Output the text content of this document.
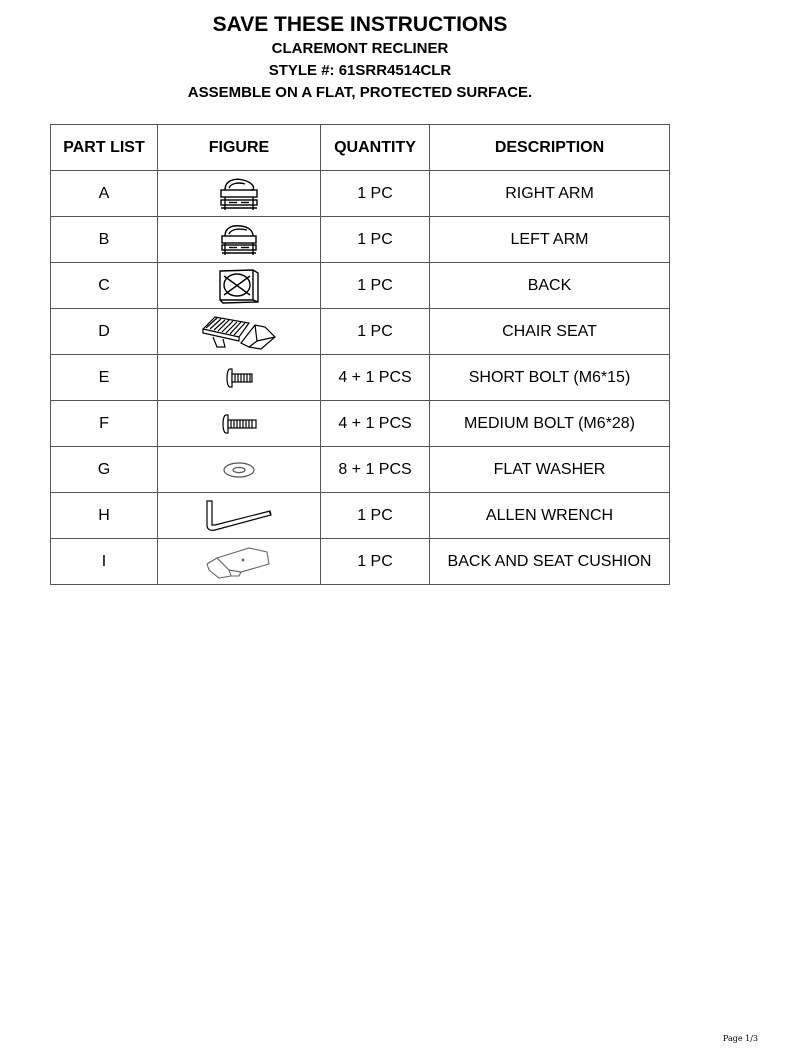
SAVE THESE INSTRUCTIONS
CLAREMONT RECLINER
STYLE #: 61SRR4514CLR
ASSEMBLE ON A FLAT, PROTECTED SURFACE.
PART LIST	FIGURE	QUANTITY	DESCRIPTION
A		1 PC	RIGHT ARM
B		1 PC	LEFT ARM
C		1 PC	BACK
D		1 PC	CHAIR SEAT
E		4 + 1 PCS	SHORT BOLT (M6*15)
F		4 + 1 PCS	MEDIUM BOLT (M6*28)
G		8 + 1 PCS	FLAT WASHER
H		1 PC	ALLEN WRENCH
I		1 PC	BACK AND SEAT CUSHION
Page 1/3
